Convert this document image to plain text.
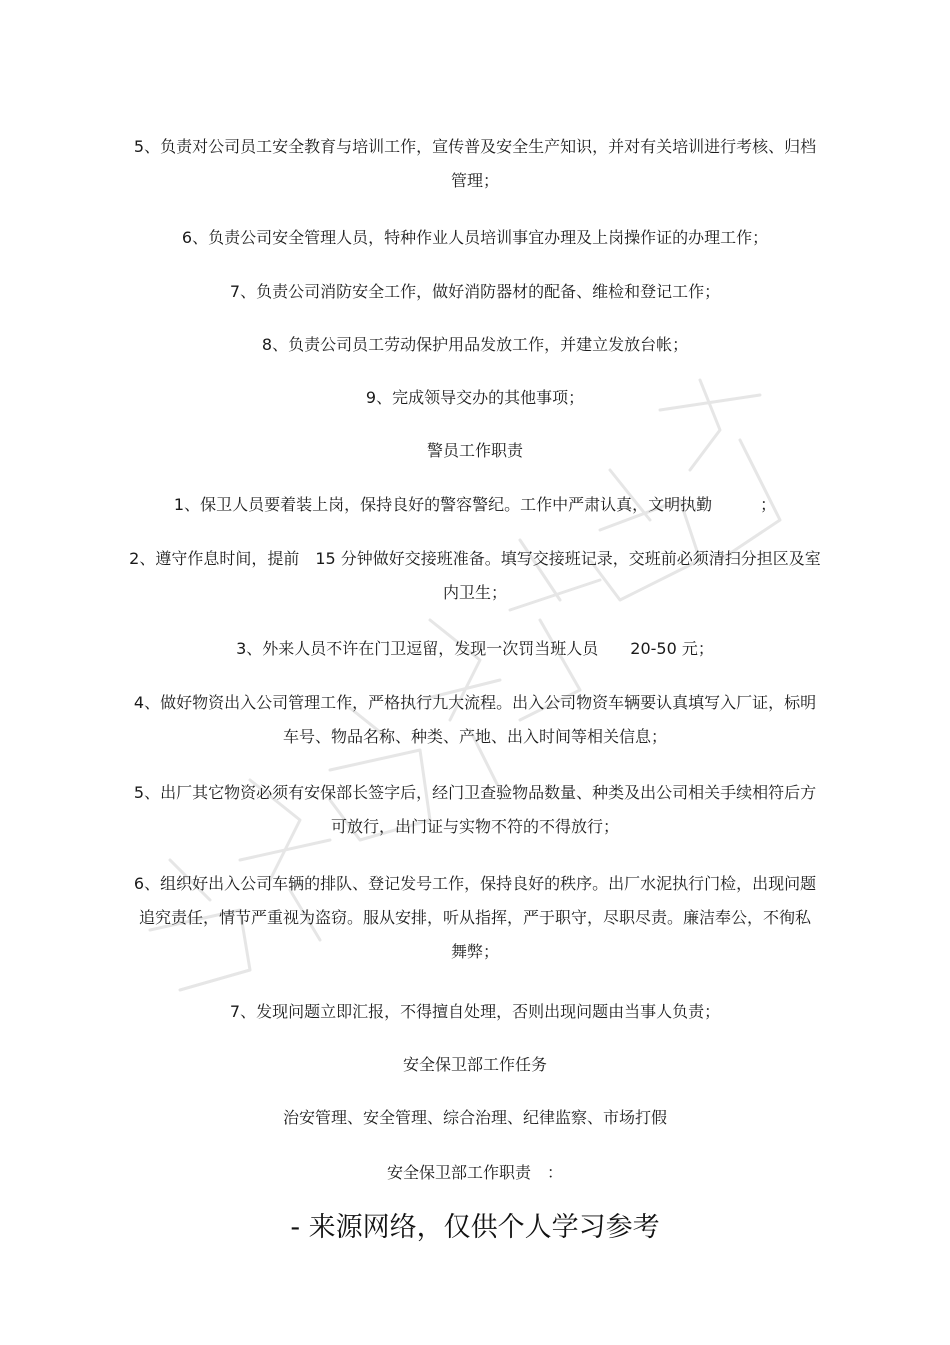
5、负责对公司员工安全教育与培训工作，宣传普及安全生产知识，并对有关培训进行考核、归档
管理；

6、负责公司安全管理人员，特种作业人员培训事宜办理及上岗操作证的办理工作；

7、负责公司消防安全工作，做好消防器材的配备、维检和登记工作；

8、负责公司员工劳动保护用品发放工作，并建立发放台帐；

9、完成领导交办的其他事项；

警员工作职责

1、保卫人员要着装上岗，保持良好的警容警纪。工作中严肃认真，文明执勤　　　；

2、遵守作息时间，提前　15 分钟做好交接班准备。填写交接班记录，交班前必须清扫分担区及室
内卫生；

3、外来人员不许在门卫逗留，发现一次罚当班人员　　20-50 元；

4、做好物资出入公司管理工作，严格执行九大流程。出入公司物资车辆要认真填写入厂证，标明
车号、物品名称、种类、产地、出入时间等相关信息；

5、出厂其它物资必须有安保部长签字后，经门卫查验物品数量、种类及出公司相关手续相符后方
可放行，出门证与实物不符的不得放行；

6、组织好出入公司车辆的排队、登记发号工作，保持良好的秩序。出厂水泥执行门检，出现问题
追究责任，情节严重视为盗窃。服从安排，听从指挥，严于职守，尽职尽责。廉洁奉公，不徇私
舞弊；

7、发现问题立即汇报，不得擅自处理，否则出现问题由当事人负责；

安全保卫部工作任务

治安管理、安全管理、综合治理、纪律监察、市场打假

安全保卫部工作职责　：

- 来源网络，仅供个人学习参考
